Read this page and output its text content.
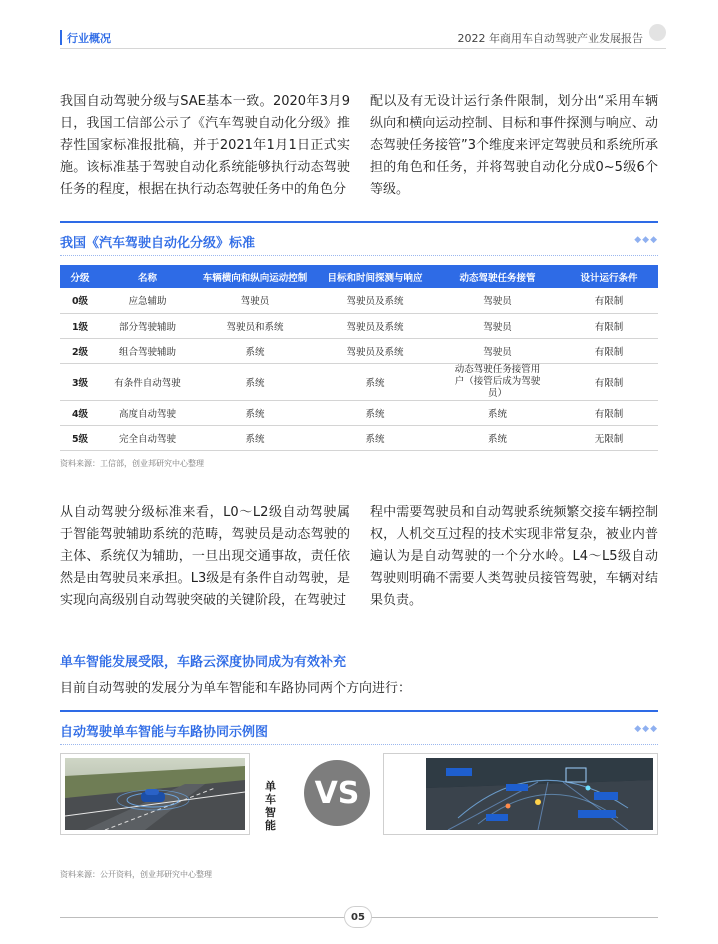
行业概况	2022 年商用车自动驾驶产业发展报告
我国自动驾驶分级与SAE基本一致。2020年3月9日，我国工信部公示了《汽车驾驶自动化分级》推荐性国家标准报批稿，并于2021年1月1日正式实施。该标准基于驾驶自动化系统能够执行动态驾驶任务的程度，根据在执行动态驾驶任务中的角色分
配以及有无设计运行条件限制，划分出“采用车辆纵向和横向运动控制、目标和事件探测与响应、动态驾驶任务接管”3个维度来评定驾驶员和系统所承担的角色和任务，并将驾驶自动化分成0~5级6个等级。
我国《汽车驾驶自动化分级》标准	◆◆◆
分级	名称	车辆横向和纵向运动控制	目标和时间探测与响应	动态驾驶任务接管	设计运行条件
0级	应急辅助	驾驶员	驾驶员及系统	驾驶员	有限制
1级	部分驾驶辅助	驾驶员和系统	驾驶员及系统	驾驶员	有限制
2级	组合驾驶辅助	系统	驾驶员及系统	驾驶员	有限制
3级	有条件自动驾驶	系统	系统	动态驾驶任务接管用户（接管后成为驾驶员）	有限制
4级	高度自动驾驶	系统	系统	系统	有限制
5级	完全自动驾驶	系统	系统	系统	无限制
资料来源：工信部，创业邦研究中心整理
从自动驾驶分级标准来看，L0～L2级自动驾驶属于智能驾驶辅助系统的范畴，驾驶员是动态驾驶的主体、系统仅为辅助，一旦出现交通事故，责任依然是由驾驶员来承担。L3级是有条件自动驾驶，是实现向高级别自动驾驶突破的关键阶段，在驾驶过
程中需要驾驶员和自动驾驶系统频繁交接车辆控制权，人机交互过程的技术实现非常复杂，被业内普遍认为是自动驾驶的一个分水岭。L4～L5级自动驾驶则明确不需要人类驾驶员接管驾驶，车辆对结果负责。
单车智能发展受限，车路云深度协同成为有效补充
目前自动驾驶的发展分为单车智能和车路协同两个方向进行：
自动驾驶单车智能与车路协同示例图	◆◆◆
单车智能
VS
资料来源：公开资料，创业邦研究中心整理
05
